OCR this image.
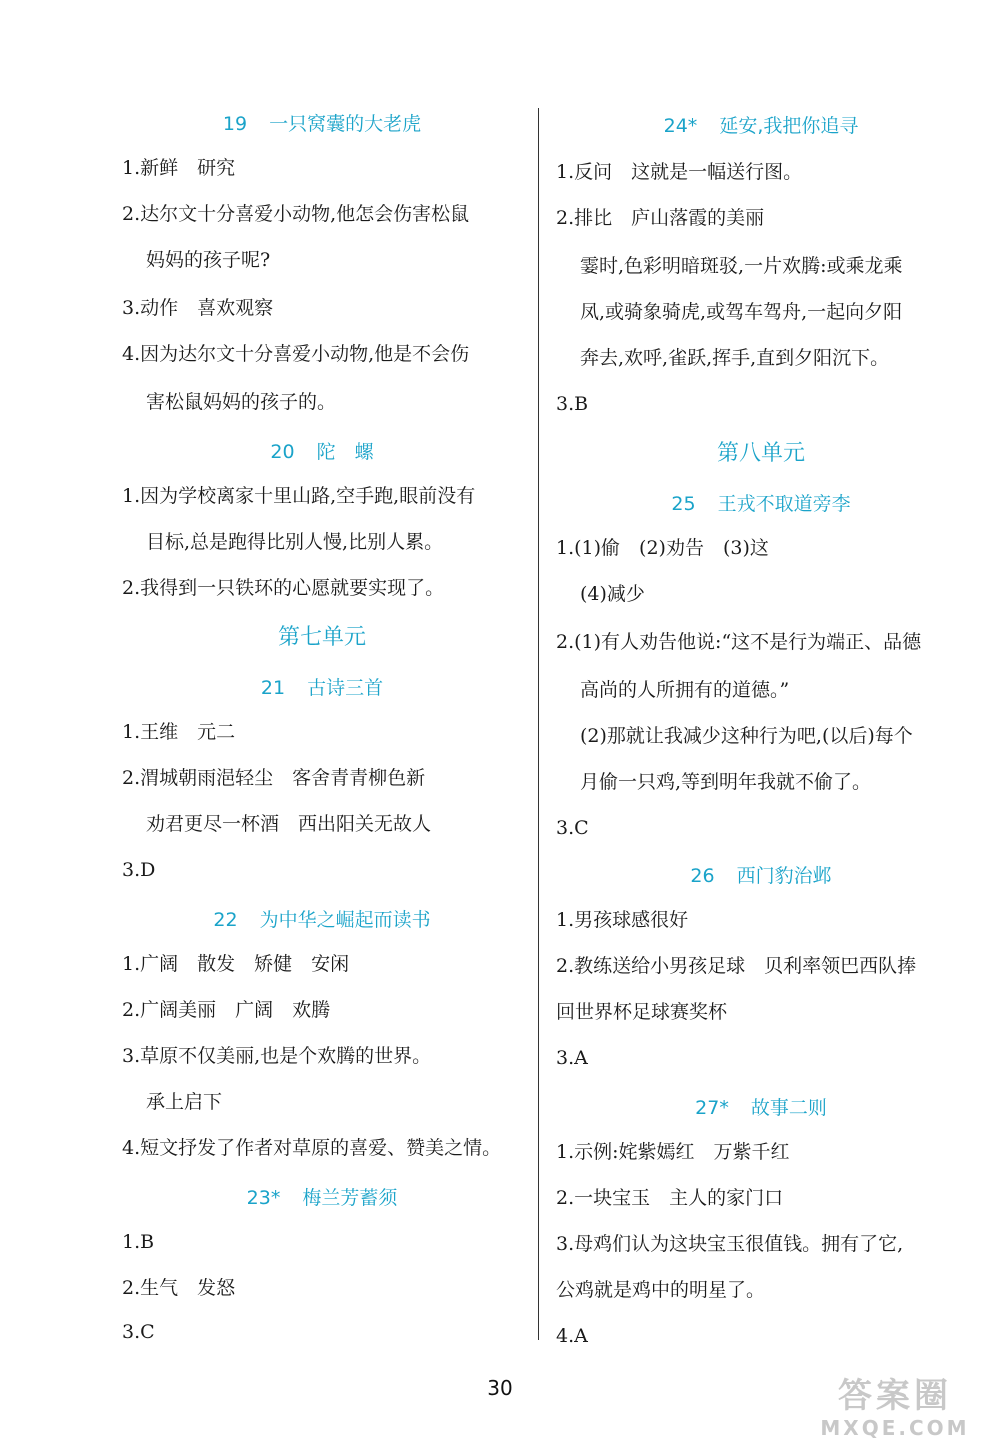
19 一只窝囊的大老虎
1.新鲜　研究
2.达尔文十分喜爱小动物,他怎会伤害松鼠
妈妈的孩子呢?
3.动作　喜欢观察
4.因为达尔文十分喜爱小动物,他是不会伤
害松鼠妈妈的孩子的。
20 陀　螺
1.因为学校离家十里山路,空手跑,眼前没有
目标,总是跑得比别人慢,比别人累。
2.我得到一只铁环的心愿就要实现了。
第七单元
21 古诗三首
1.王维　元二
2.渭城朝雨浥轻尘　客舍青青柳色新
劝君更尽一杯酒　西出阳关无故人
3.D
22 为中华之崛起而读书
1.广阔　散发　矫健　安闲
2.广阔美丽　广阔　欢腾
3.草原不仅美丽,也是个欢腾的世界。
承上启下
4.短文抒发了作者对草原的喜爱、赞美之情。
23* 梅兰芳蓄须
1.B
2.生气　发怒
3.C
24* 延安,我把你追寻
1.反问　这就是一幅送行图。
2.排比　庐山落霞的美丽
霎时,色彩明暗斑驳,一片欢腾:或乘龙乘
凤,或骑象骑虎,或驾车驾舟,一起向夕阳
奔去,欢呼,雀跃,挥手,直到夕阳沉下。
3.B
第八单元
25 王戎不取道旁李
1.(1)偷　(2)劝告　(3)这
(4)减少
2.(1)有人劝告他说:“这不是行为端正、品德
高尚的人所拥有的道德。”
(2)那就让我减少这种行为吧,(以后)每个
月偷一只鸡,等到明年我就不偷了。
3.C
26 西门豹治邺
1.男孩球感很好
2.教练送给小男孩足球　贝利率领巴西队捧
回世界杯足球赛奖杯
3.A
27* 故事二则
1.示例:姹紫嫣红　万紫千红
2.一块宝玉　主人的家门口
3.母鸡们认为这块宝玉很值钱。拥有了它,
公鸡就是鸡中的明星了。
4.A
30	答案圈
MXQE.COM
